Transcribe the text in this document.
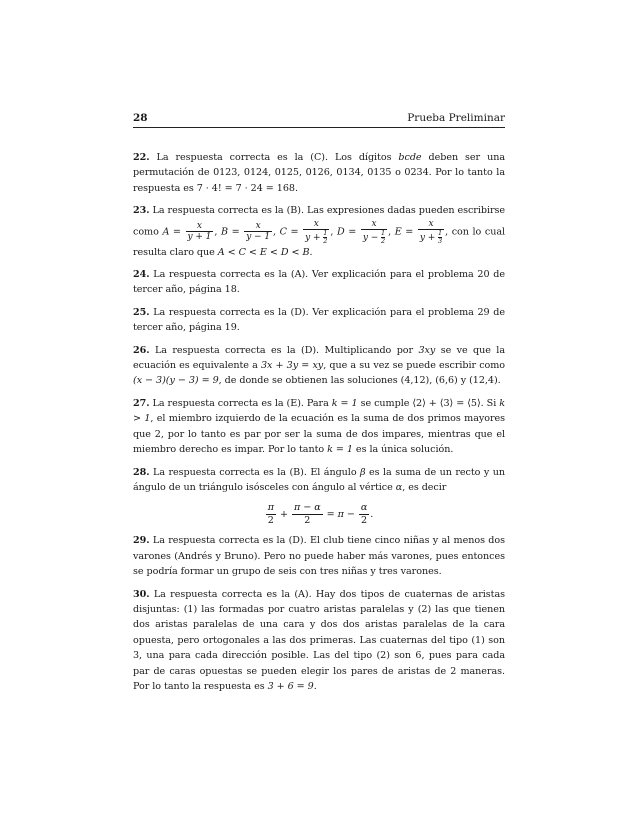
28	Prueba Preliminar

22. La respuesta correcta es la (C). Los dígitos bcde deben ser una permutación de 0123, 0124, 0125, 0126, 0134, 0135 o 0234. Por lo tanto la respuesta es 7 · 4! = 7 · 24 = 168.

23. La respuesta correcta es la (B). Las expresiones dadas pueden escribirse como $A = \frac{x}{y + 1}$ , $B = \frac{x}{y - 1}$ , $C = \frac{x}{y + \frac{1}{2}}$ , $D = \frac{x}{y - \frac{1}{2}}$ , $E = \frac{x}{y + \frac{1}{3}}$ , con lo cual resulta claro que A < C < E < D < B.

24. La respuesta correcta es la (A). Ver explicación para el problema 20 de tercer año, página 18.

25. La respuesta correcta es la (D). Ver explicación para el problema 29 de tercer año, página 19.

26. La respuesta correcta es la (D). Multiplicando por 3xy se ve que la ecuación es equivalente a 3x + 3y = xy, que a su vez se puede escribir como (x − 3)(y − 3) = 9, de donde se obtienen las soluciones (4,12), (6,6) y (12,4).

27. La respuesta correcta es la (E). Para k = 1 se cumple ⟨2⟩ + ⟨3⟩ = ⟨5⟩. Si k > 1, el miembro izquierdo de la ecuación es la suma de dos primos mayores que 2, por lo tanto es par por ser la suma de dos impares, mientras que el miembro derecho es impar. Por lo tanto k = 1 es la única solución.

28. La respuesta correcta es la (B). El ángulo β es la suma de un recto y un ángulo de un triángulo isósceles con ángulo al vértice α, es decir

$\frac{\pi}{2} + \frac{\pi - \alpha}{2} = \pi - \frac{\alpha}{2}$ .

29. La respuesta correcta es la (D). El club tiene cinco niñas y al menos dos varones (Andrés y Bruno). Pero no puede haber más varones, pues entonces se podría formar un grupo de seis con tres niñas y tres varones.

30. La respuesta correcta es la (A). Hay dos tipos de cuaternas de aristas disjuntas: (1) las formadas por cuatro aristas paralelas y (2) las que tienen dos aristas paralelas de una cara y dos dos aristas paralelas de la cara opuesta, pero ortogonales a las dos primeras. Las cuaternas del tipo (1) son 3, una para cada dirección posible. Las del tipo (2) son 6, pues para cada par de caras opuestas se pueden elegir los pares de aristas de 2 maneras. Por lo tanto la respuesta es 3 + 6 = 9.
